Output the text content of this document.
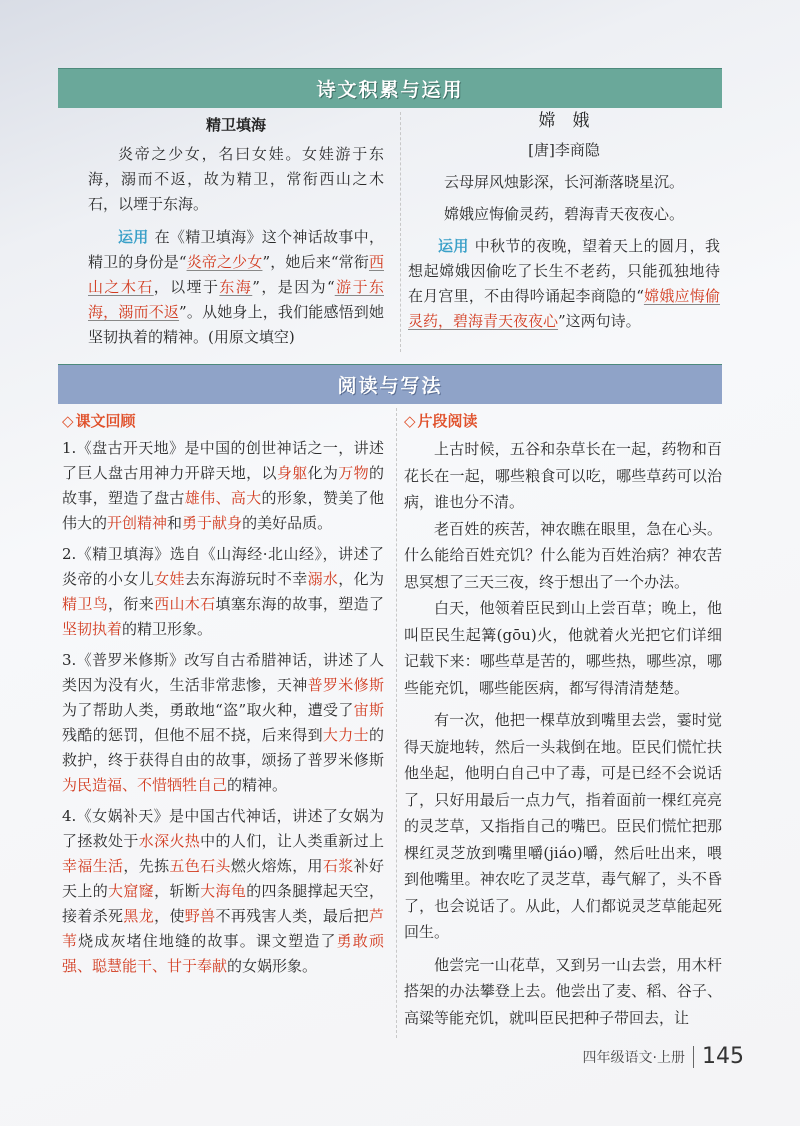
诗文积累与运用
精卫填海

炎帝之少女，名曰女娃。女娃游于东海，溺而不返，故为精卫，常衔西山之木石，以堙于东海。

运用 在《精卫填海》这个神话故事中，精卫的身份是“炎帝之少女”，她后来“常衔西山之木石，以堙于东海”，是因为“游于东海，溺而不返”。从她身上，我们能感悟到她坚韧执着的精神。(用原文填空)

嫦　娥

[唐]李商隐

云母屏风烛影深，长河渐落晓星沉。

嫦娥应悔偷灵药，碧海青天夜夜心。

运用 中秋节的夜晚，望着天上的圆月，我想起嫦娥因偷吃了长生不老药，只能孤独地待在月宫里，不由得吟诵起李商隐的“嫦娥应悔偷灵药，碧海青天夜夜心”这两句诗。

阅读与写法
◇ 课文回顾

1.《盘古开天地》是中国的创世神话之一，讲述了巨人盘古用神力开辟天地，以身躯化为万物的故事，塑造了盘古雄伟、高大的形象，赞美了他伟大的开创精神和勇于献身的美好品质。

2.《精卫填海》选自《山海经·北山经》，讲述了炎帝的小女儿女娃去东海游玩时不幸溺水，化为精卫鸟，衔来西山木石填塞东海的故事，塑造了坚韧执着的精卫形象。

3.《普罗米修斯》改写自古希腊神话，讲述了人类因为没有火，生活非常悲惨，天神普罗米修斯为了帮助人类，勇敢地“盗”取火种，遭受了宙斯残酷的惩罚，但他不屈不挠，后来得到大力士的救护，终于获得自由的故事，颂扬了普罗米修斯为民造福、不惜牺牲自己的精神。

4.《女娲补天》是中国古代神话，讲述了女娲为了拯救处于水深火热中的人们，让人类重新过上幸福生活，先拣五色石头燃火熔炼，用石浆补好天上的大窟窿，斩断大海龟的四条腿撑起天空，接着杀死黑龙，使野兽不再残害人类，最后把芦苇烧成灰堵住地缝的故事。课文塑造了勇敢顽强、聪慧能干、甘于奉献的女娲形象。

◇ 片段阅读

上古时候，五谷和杂草长在一起，药物和百花长在一起，哪些粮食可以吃，哪些草药可以治病，谁也分不清。

老百姓的疾苦，神农瞧在眼里，急在心头。什么能给百姓充饥？什么能为百姓治病？神农苦思冥想了三天三夜，终于想出了一个办法。

白天，他领着臣民到山上尝百草；晚上，他叫臣民生起篝(gōu)火，他就着火光把它们详细记载下来：哪些草是苦的，哪些热，哪些凉，哪些能充饥，哪些能医病，都写得清清楚楚。

有一次，他把一棵草放到嘴里去尝，霎时觉得天旋地转，然后一头栽倒在地。臣民们慌忙扶他坐起，他明白自己中了毒，可是已经不会说话了，只好用最后一点力气，指着面前一棵红亮亮的灵芝草，又指指自己的嘴巴。臣民们慌忙把那棵红灵芝放到嘴里嚼(jiáo)嚼，然后吐出来，喂到他嘴里。神农吃了灵芝草，毒气解了，头不昏了，也会说话了。从此，人们都说灵芝草能起死回生。

他尝完一山花草，又到另一山去尝，用木杆搭架的办法攀登上去。他尝出了麦、稻、谷子、高粱等能充饥，就叫臣民把种子带回去，让

四年级语文·上册 145
